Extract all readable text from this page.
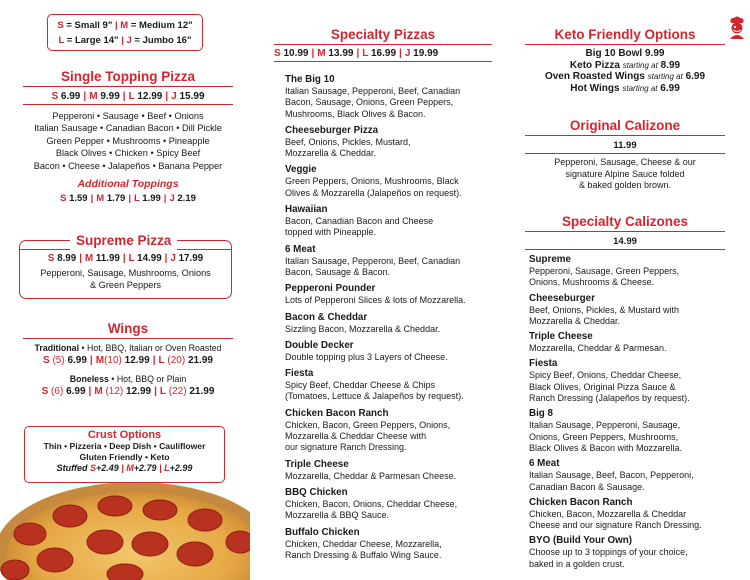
S = Small 9" | M = Medium 12"
L = Large 14" | J = Jumbo 16"
Single Topping Pizza
S 6.99 | M 9.99 | L 12.99 | J 15.99
Pepperoni • Sausage • Beef • Onions
Italian Sausage • Canadian Bacon • Dill Pickle
Green Pepper • Mushrooms • Pineapple
Black Olives • Chicken • Spicy Beef
Bacon • Cheese • Jalapeños • Banana Pepper
Additional Toppings
S 1.59 | M 1.79 | L 1.99 | J 2.19
Supreme Pizza
S 8.99 | M 11.99 | L 14.99 | J 17.99
Pepperoni, Sausage, Mushrooms, Onions
& Green Peppers
Wings
Traditional • Hot, BBQ, Italian or Oven Roasted
S (5) 6.99 | M(10) 12.99 | L (20) 21.99
Boneless • Hot, BBQ or Plain
S (6) 6.99 | M (12) 12.99 | L (22) 21.99
Crust Options
Thin • Pizzeria • Deep Dish • Cauliflower
Gluten Friendly • Keto
Stuffed S+2.49 | M+2.79 | L+2.99
Specialty Pizzas
S 10.99 | M 13.99 | L 16.99 | J 19.99
The Big 10
Italian Sausage, Pepperoni, Beef, Canadian
Bacon, Sausage, Onions, Green Peppers,
Mushrooms, Black Olives & Bacon.
Cheeseburger Pizza
Beef, Onions, Pickles, Mustard,
Mozzarella & Cheddar.
Veggie
Green Peppers, Onions, Mushrooms, Black
Olives & Mozzarella (Jalapeños on request).
Hawaiian
Bacon, Canadian Bacon and Cheese
topped with Pineapple.
6 Meat
Italian Sausage, Pepperoni, Beef, Canadian
Bacon, Sausage & Bacon.
Pepperoni Pounder
Lots of Pepperoni Slices & lots of Mozzarella.
Bacon & Cheddar
Sizzling Bacon, Mozzarella & Cheddar.
Double Decker
Double topping plus 3 Layers of Cheese.
Fiesta
Spicy Beef, Cheddar Cheese & Chips
(Tomatoes, Lettuce & Jalapeños by request).
Chicken Bacon Ranch
Chicken, Bacon, Green Peppers, Onions,
Mozzarella & Cheddar Cheese with
our signature Ranch Dressing.
Triple Cheese
Mozzarella, Cheddar & Parmesan Cheese.
BBQ Chicken
Chicken, Bacon, Onions, Cheddar Cheese,
Mozzarella & BBQ Sauce.
Buffalo Chicken
Chicken, Cheddar Cheese, Mozzarella,
Ranch Dressing & Buffalo Wing Sauce.
Keto Friendly Options
Big 10 Bowl 9.99
Keto Pizza starting at 8.99
Oven Roasted Wings starting at 6.99
Hot Wings starting at 6.99
Original Calizone
11.99
Pepperoni, Sausage, Cheese & our
signature Alpine Sauce folded
& baked golden brown.
Specialty Calizones
14.99
Supreme
Pepperoni, Sausage, Green Peppers,
Onions, Mushrooms & Cheese.
Cheeseburger
Beef, Onions, Pickles, & Mustard with
Mozzarella & Cheddar.
Triple Cheese
Mozzarella, Cheddar & Parmesan.
Fiesta
Spicy Beef, Onions, Cheddar Cheese,
Black Olives, Original Pizza Sauce &
Ranch Dressing (Jalapeños by request).
Big 8
Italian Sausage, Pepperoni, Sausage,
Onions, Green Peppers, Mushrooms,
Black Olives & Bacon with Mozzarella.
6 Meat
Italian Sausage, Beef, Bacon, Pepperoni,
Canadian Bacon & Sausage.
Chicken Bacon Ranch
Chicken, Bacon, Mozzarella & Cheddar
Cheese and our signature Ranch Dressing.
BYO (Build Your Own)
Choose up to 3 toppings of your choice,
baked in a golden crust.
